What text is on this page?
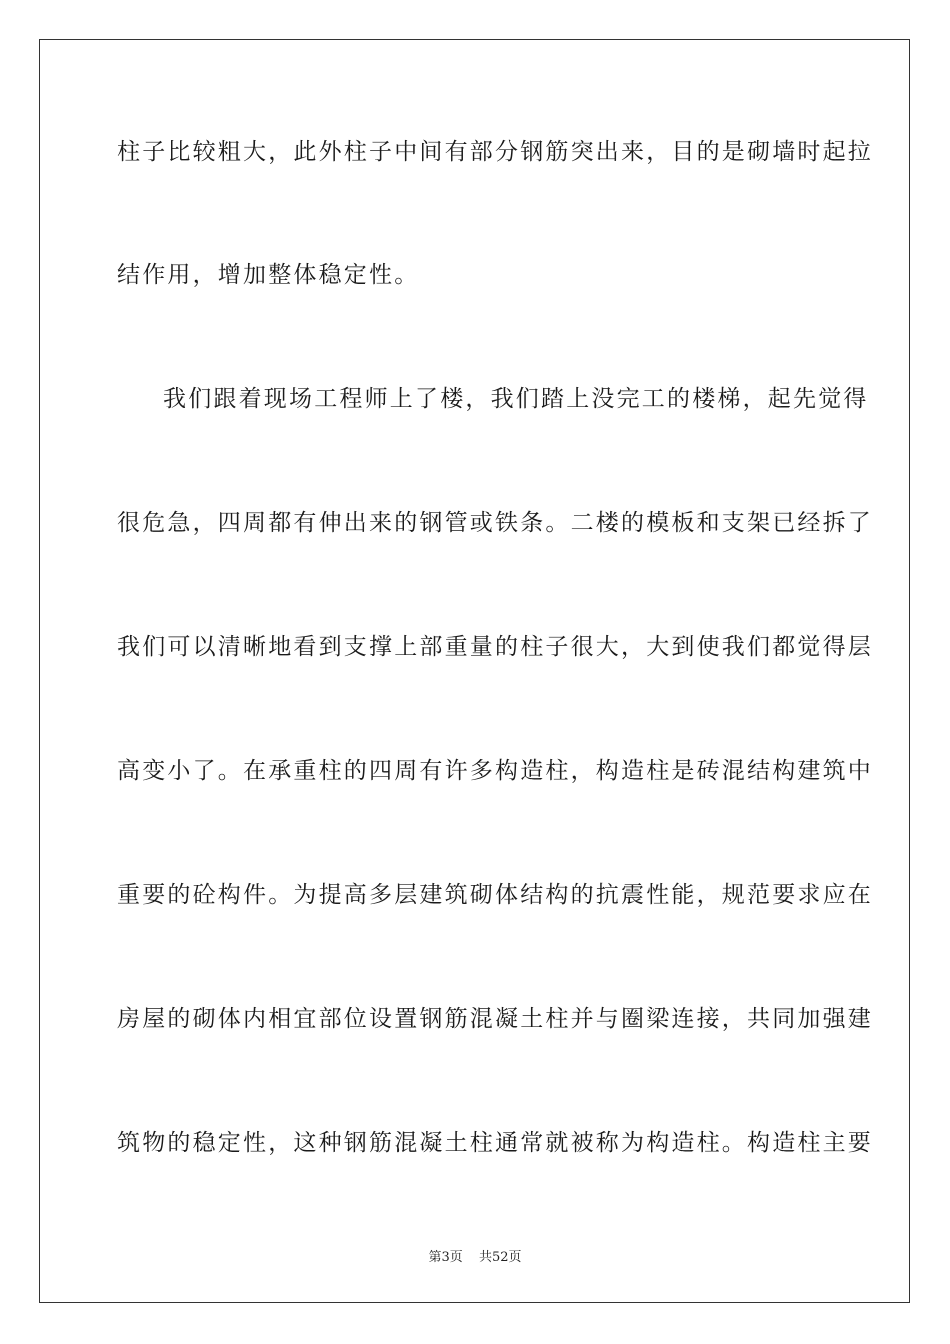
柱子比较粗大，此外柱子中间有部分钢筋突出来，目的是砌墙时起拉
结作用，增加整体稳定性。
我们跟着现场工程师上了楼，我们踏上没完工的楼梯，起先觉得
很危急，四周都有伸出来的钢管或铁条。二楼的模板和支架已经拆了
我们可以清晰地看到支撑上部重量的柱子很大，大到使我们都觉得层
高变小了。在承重柱的四周有许多构造柱，构造柱是砖混结构建筑中
重要的砼构件。为提高多层建筑砌体结构的抗震性能，规范要求应在
房屋的砌体内相宜部位设置钢筋混凝土柱并与圈梁连接，共同加强建
筑物的稳定性，这种钢筋混凝土柱通常就被称为构造柱。构造柱主要
第3页 共52页
